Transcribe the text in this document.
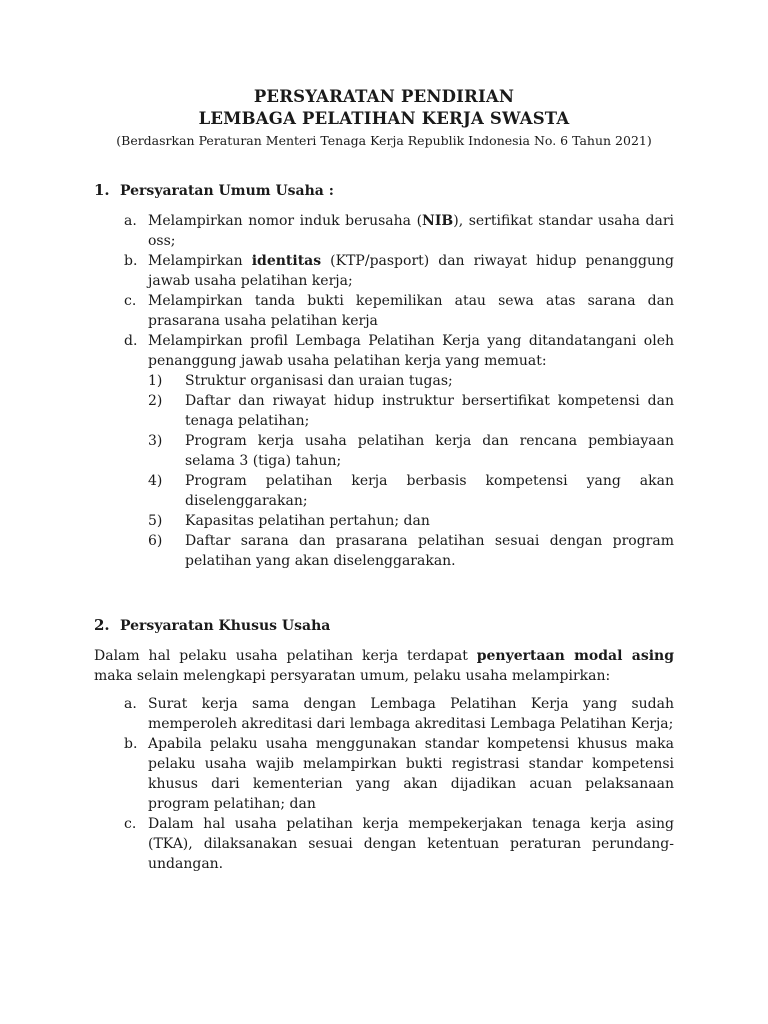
PERSYARATAN PENDIRIAN
LEMBAGA PELATIHAN KERJA SWASTA
(Berdasrkan Peraturan Menteri Tenaga Kerja Republik Indonesia No. 6 Tahun 2021)
1. Persyaratan Umum Usaha :
a. Melampirkan nomor induk berusaha (NIB), sertifikat standar usaha dari oss;
b. Melampirkan identitas (KTP/pasport) dan riwayat hidup penanggung jawab usaha pelatihan kerja;
c. Melampirkan tanda bukti kepemilikan atau sewa atas sarana dan prasarana usaha pelatihan kerja
d. Melampirkan profil Lembaga Pelatihan Kerja yang ditandatangani oleh penanggung jawab usaha pelatihan kerja yang memuat:
1)	Struktur organisasi dan uraian tugas;
2)	Daftar dan riwayat hidup instruktur bersertifikat kompetensi dan tenaga pelatihan;
3)	Program kerja usaha pelatihan kerja dan rencana pembiayaan selama 3 (tiga) tahun;
4)	Program pelatihan kerja berbasis kompetensi yang akan diselenggarakan;
5)	Kapasitas pelatihan pertahun; dan
6)	Daftar sarana dan prasarana pelatihan sesuai dengan program pelatihan yang akan diselenggarakan.
2. Persyaratan Khusus Usaha
Dalam hal pelaku usaha pelatihan kerja terdapat penyertaan modal asing maka selain melengkapi persyaratan umum, pelaku usaha melampirkan:
a. Surat kerja sama dengan Lembaga Pelatihan Kerja yang sudah memperoleh akreditasi dari lembaga akreditasi Lembaga Pelatihan Kerja;
b. Apabila pelaku usaha menggunakan standar kompetensi khusus maka pelaku usaha wajib melampirkan bukti registrasi standar kompetensi khusus dari kementerian yang akan dijadikan acuan pelaksanaan program pelatihan; dan
c. Dalam hal usaha pelatihan kerja mempekerjakan tenaga kerja asing (TKA), dilaksanakan sesuai dengan ketentuan peraturan perundang-undangan.
